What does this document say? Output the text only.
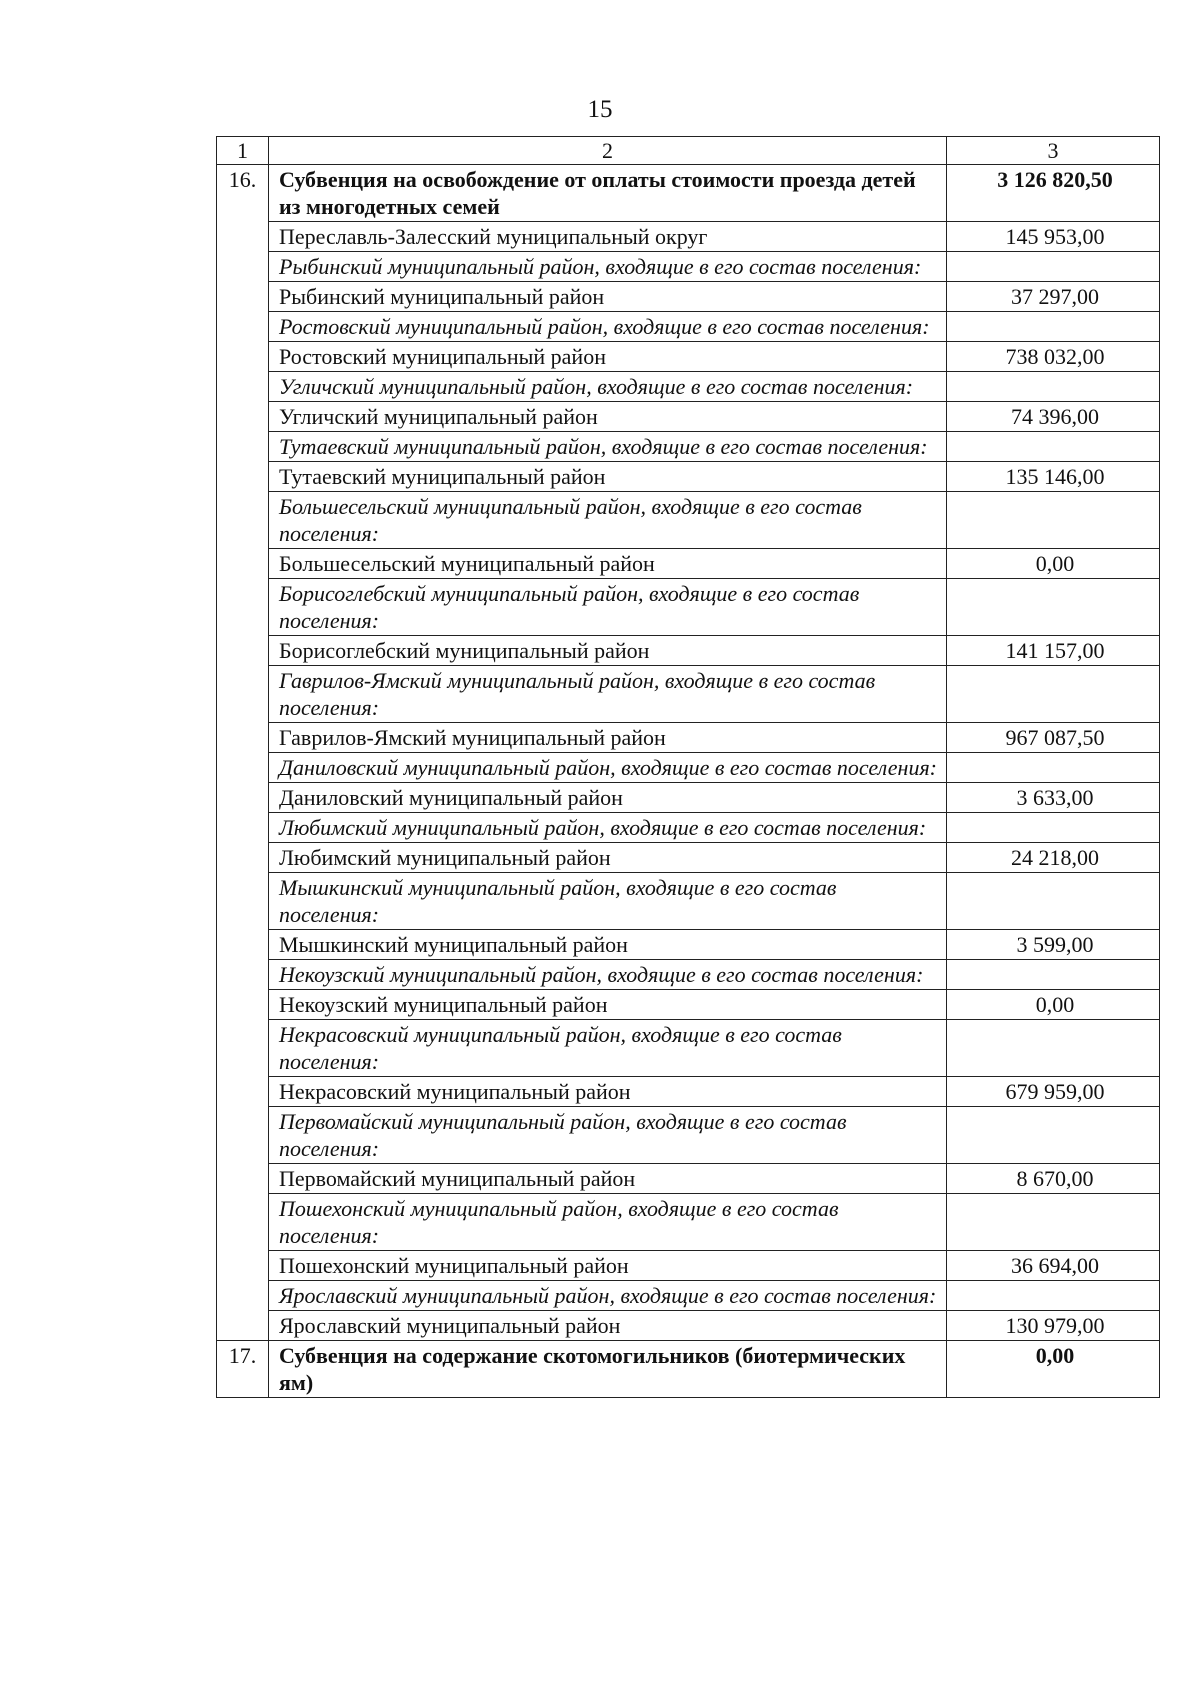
15
1	2	3
16.	Субвенция на освобождение от оплаты стоимости проезда детей из многодетных семей	3 126 820,50
	Переславль-Залесский муниципальный округ	145 953,00
	Рыбинский муниципальный район, входящие в его состав поселения:	
	Рыбинский муниципальный район	37 297,00
	Ростовский муниципальный район, входящие в его состав поселения:	
	Ростовский муниципальный район	738 032,00
	Угличский муниципальный район, входящие в его состав поселения:	
	Угличский муниципальный район	74 396,00
	Тутаевский муниципальный район, входящие в его состав поселения:	
	Тутаевский муниципальный район	135 146,00
	Большесельский муниципальный район, входящие в его состав поселения:	
	Большесельский муниципальный район	0,00
	Борисоглебский муниципальный район, входящие в его состав поселения:	
	Борисоглебский муниципальный район	141 157,00
	Гаврилов-Ямский муниципальный район, входящие в его состав поселения:	
	Гаврилов-Ямский муниципальный район	967 087,50
	Даниловский муниципальный район, входящие в его состав поселения:	
	Даниловский муниципальный район	3 633,00
	Любимский муниципальный район, входящие в его состав поселения:	
	Любимский муниципальный район	24 218,00
	Мышкинский муниципальный район, входящие в его состав поселения:	
	Мышкинский муниципальный район	3 599,00
	Некоузский муниципальный район, входящие в его состав поселения:	
	Некоузский муниципальный район	0,00
	Некрасовский муниципальный район, входящие в его состав поселения:	
	Некрасовский муниципальный район	679 959,00
	Первомайский муниципальный район, входящие в его состав поселения:	
	Первомайский муниципальный район	8 670,00
	Пошехонский муниципальный район, входящие в его состав поселения:	
	Пошехонский муниципальный район	36 694,00
	Ярославский муниципальный район, входящие в его состав поселения:	
	Ярославский муниципальный район	130 979,00
17.	Субвенция на содержание скотомогильников (биотермических ям)	0,00
